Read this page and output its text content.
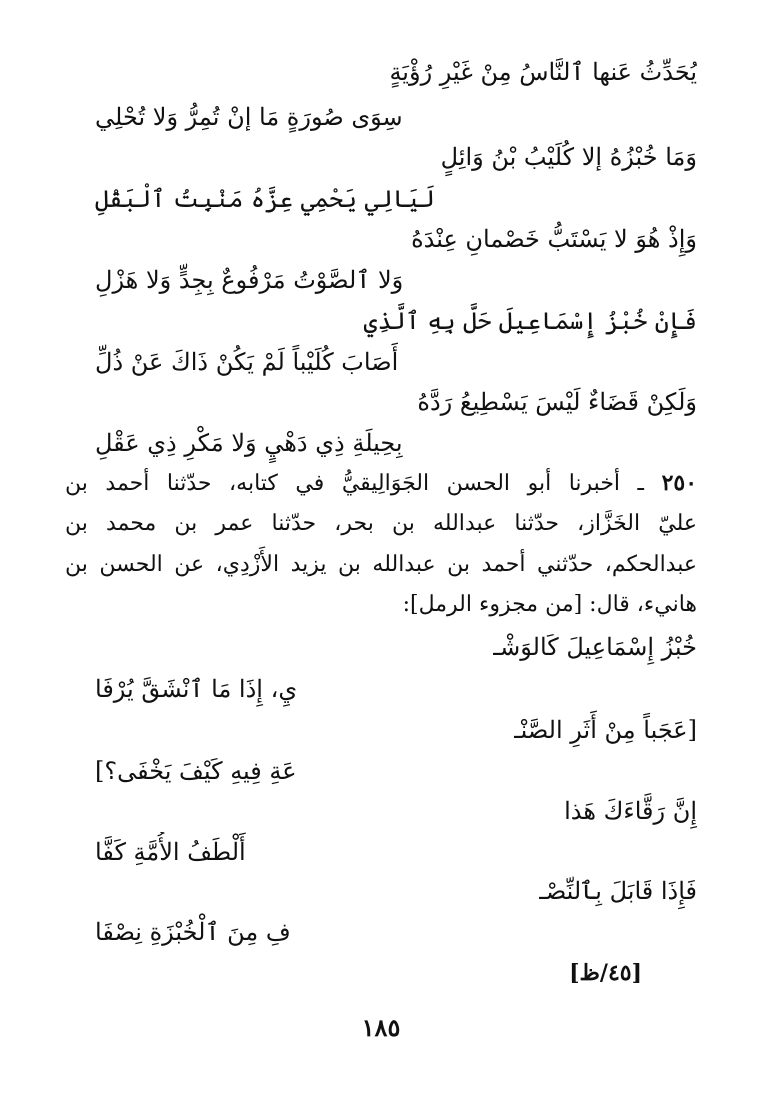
يُحَدِّثُ عَنها ٱلنَّاسُ مِنْ غَيْرِ رُؤْيَةٍ
سِوَى صُورَةٍ مَا إنْ تُمِرُّ وَلا تُحْلِي
وَمَا خُبْزُهُ إلا كُلَيْبُ بْنُ وَائِلٍ
لَيَالِي يَحْمِي عِزَّهُ مَنْبِتُ ٱلْبَقْلِ
وَإِذْ هُوَ لا يَسْتَبُّ خَصْمانِ عِنْدَهُ
وَلا ٱلصَّوْتُ مَرْفُوعٌ بِجِدٍّ وَلا هَزْلِ
فَإِنْ خُبْزُ إِسْمَاعِيلَ حَلَّ بِهِ ٱلَّذِي
أَصَابَ كُلَيْباً لَمْ يَكُنْ ذَاكَ عَنْ ذُلِّ
وَلَكِنْ قَضَاءٌ لَيْسَ يَسْطِيعُ رَدَّهُ
بِحِيلَةِ ذِي دَهْيٍ وَلا مَكْرِ ذِي عَقْلِ
٢٥٠ ـ أخبرنا أبو الحسن الجَوَالِيقيُّ في كتابه، حدّثنا أحمد بن
عليّ الخَزَّاز، حدّثنا عبدالله بن بحر، حدّثنا عمر بن محمد بن
عبدالحكم، حدّثني أحمد بن عبدالله بن يزيد الأَزْدِي، عن الحسن بن
هانيء، قال: [من مجزوء الرمل]:
خُبْزُ إِسْمَاعِيلَ كَالوَشْـ
يِ، إِذَا مَا ٱنْشَقَّ يُرْفَا
[عَجَباً مِنْ أَثَرِ الصَّنْـ
عَةِ فِيهِ كَيْفَ يَخْفَى؟]
إِنَّ رَقَّاءَكَ هَذا
أَلْطَفُ الأُمَّةِ كَفَّا
فَإِذَا قَابَلَ بِٱلنِّصْـ
فِ مِنَ ٱلْخُبْزَةِ نِصْفَا
[٤٥/ظ]
١٨٥
